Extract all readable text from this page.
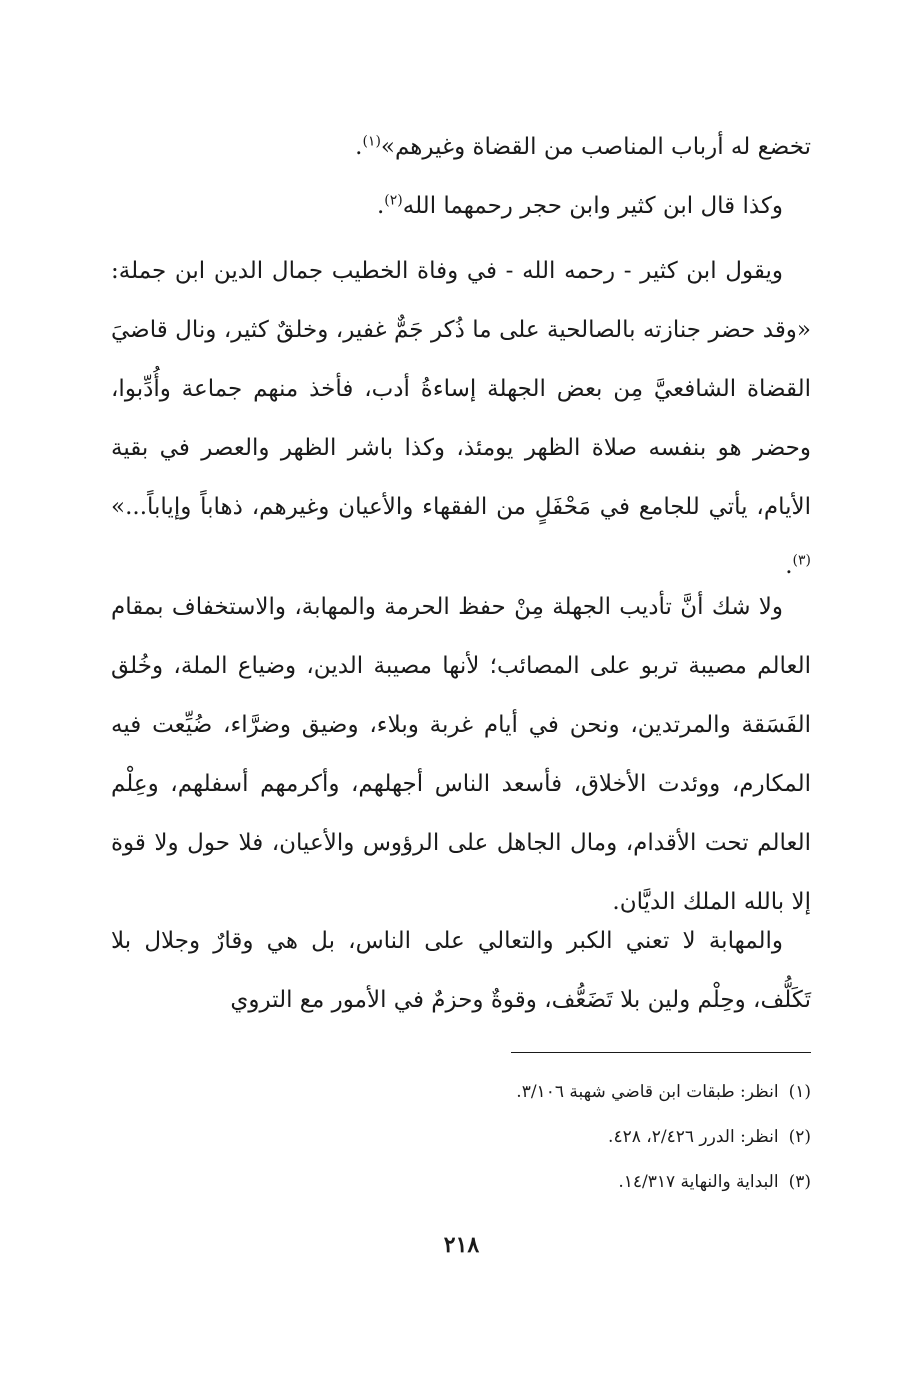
تخضع له أرباب المناصب من القضاة وغيرهم»$^{(١)}$.

وكذا قال ابن كثير وابن حجر رحمهما الله$^{(٢)}$.

ويقول ابن كثير - رحمه الله - في وفاة الخطيب جمال الدين ابن جملة: «وقد حضر جنازته بالصالحية على ما ذُكر جَمٌّ غفير، وخلقٌ كثير، ونال قاضيَ القضاة الشافعيَّ مِن بعض الجهلة إساءةُ أدب، فأخذ منهم جماعة وأُدِّبوا، وحضر هو بنفسه صلاة الظهر يومئذ، وكذا باشر الظهر والعصر في بقية الأيام، يأتي للجامع في مَحْفَلٍ من الفقهاء والأعيان وغيرهم، ذهاباً وإياباً...» $^{(٣)}$.

ولا شك أنَّ تأديب الجهلة مِنْ حفظ الحرمة والمهابة، والاستخفاف بمقام العالم مصيبة تربو على المصائب؛ لأنها مصيبة الدين، وضياع الملة، وخُلق الفَسَقة والمرتدين، ونحن في أيام غربة وبلاء، وضيق وضرَّاء، ضُيِّعت فيه المكارم، ووئدت الأخلاق، فأسعد الناس أجهلهم، وأكرمهم أسفلهم، وعِلْم العالم تحت الأقدام، ومال الجاهل على الرؤوس والأعيان، فلا حول ولا قوة إلا بالله الملك الديَّان.

والمهابة لا تعني الكبر والتعالي على الناس، بل هي وقارٌ وجلال بلا تَكَلُّف، وحِلْم ولين بلا تَضَعُّف، وقوةٌ وحزمٌ في الأمور مع التروي

(١)انظر: طبقات ابن قاضي شهبة ٣/١٠٦.

(٢)انظر: الدرر ٢/٤٢٦، ٤٢٨.

(٣)البداية والنهاية ١٤/٣١٧.

٢١٨
